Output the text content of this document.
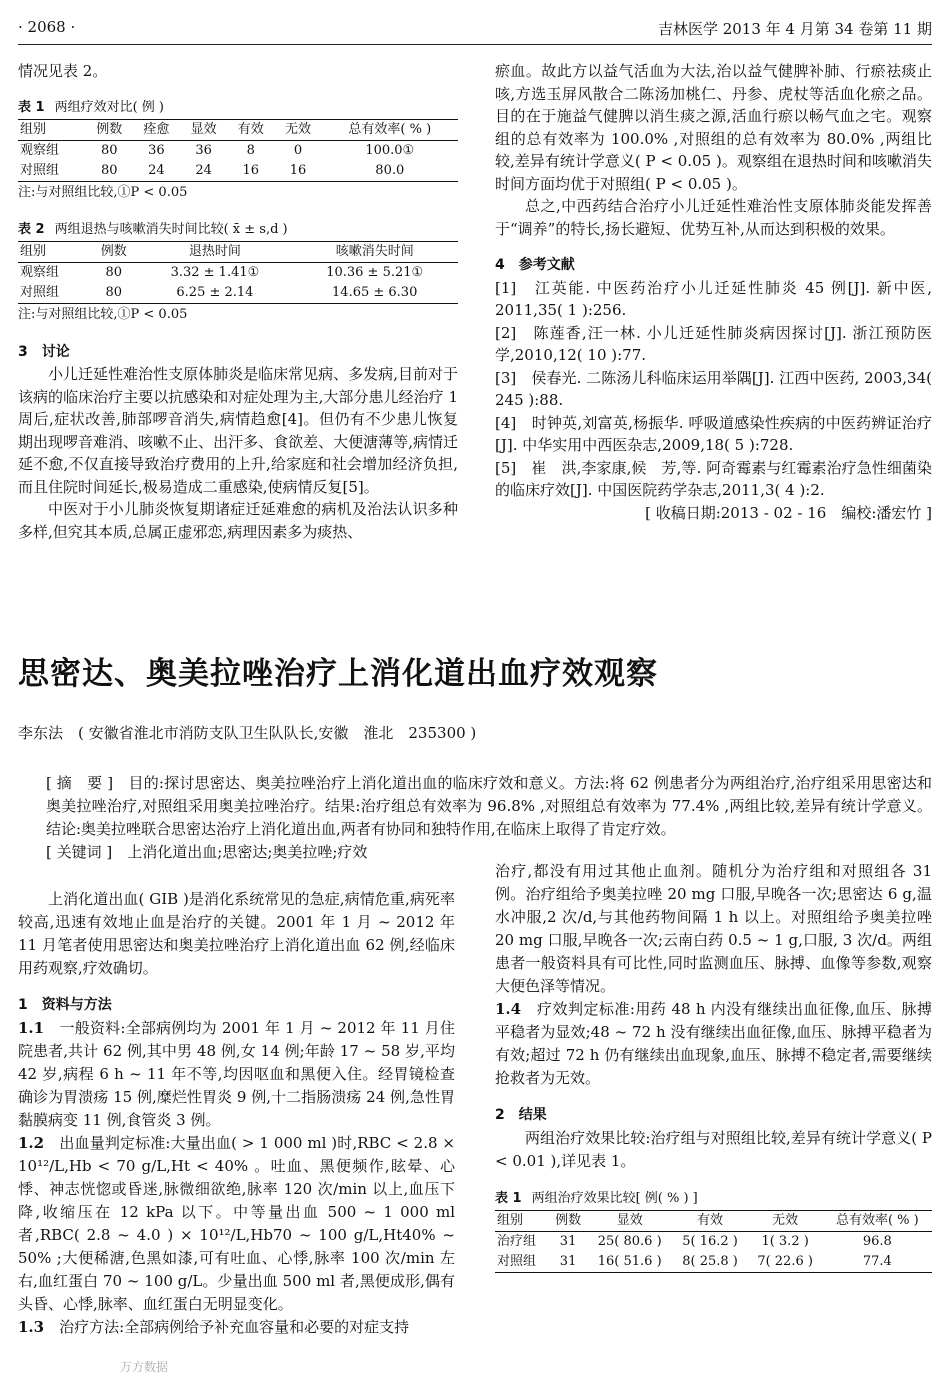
· 2068 ·	吉林医学 2013 年 4 月第 34 卷第 11 期

情况见表 2。

表 1 两组疗效对比( 例 )

组别	例数	痊愈	显效	有效	无效	总有效率( % )
观察组	80	36	36	8	0	100.0①
对照组	80	24	24	16	16	80.0

注:与对照组比较,①P < 0.05

表 2 两组退热与咳嗽消失时间比较( x̄ ± s,d )

组别	例数	退热时间	咳嗽消失时间
观察组	80	3.32 ± 1.41①	10.36 ± 5.21①
对照组	80	6.25 ± 2.14	14.65 ± 6.30

注:与对照组比较,①P < 0.05

3　讨论

小儿迁延性难治性支原体肺炎是临床常见病、多发病,目前对于该病的临床治疗主要以抗感染和对症处理为主,大部分患儿经治疗 1 周后,症状改善,肺部啰音消失,病情趋愈[4]。但仍有不少患儿恢复期出现啰音难消、咳嗽不止、出汗多、食欲差、大便溏薄等,病情迁延不愈,不仅直接导致治疗费用的上升,给家庭和社会增加经济负担,而且住院时间延长,极易造成二重感染,使病情反复[5]。

中医对于小儿肺炎恢复期诸症迁延难愈的病机及治法认识多种多样,但究其本质,总属正虚邪恋,病理因素多为痰热、

瘀血。故此方以益气活血为大法,治以益气健脾补肺、行瘀祛痰止咳,方选玉屏风散合二陈汤加桃仁、丹参、虎杖等活血化瘀之品。目的在于施益气健脾以消生痰之源,活血行瘀以畅气血之宅。观察组的总有效率为 100.0% ,对照组的总有效率为 80.0% ,两组比较,差异有统计学意义( P < 0.05 )。观察组在退热时间和咳嗽消失时间方面均优于对照组( P < 0.05 )。

总之,中西药结合治疗小儿迁延性难治性支原体肺炎能发挥善于“调养”的特长,扬长避短、优势互补,从而达到积极的效果。

4　参考文献

[1]　江英能. 中医药治疗小儿迁延性肺炎 45 例[J]. 新中医, 2011,35( 1 ):256.

[2]　陈莲香,汪一林. 小儿迁延性肺炎病因探讨[J]. 浙江预防医学,2010,12( 10 ):77.

[3]　侯春光. 二陈汤儿科临床运用举隅[J]. 江西中医药, 2003,34( 245 ):88.

[4]　时钟英,刘富英,杨振华. 呼吸道感染性疾病的中医药辨证治疗[J]. 中华实用中西医杂志,2009,18( 5 ):728.

[5]　崔　洪,李家康,候　芳,等. 阿奇霉素与红霉素治疗急性细菌染的临床疗效[J]. 中国医院药学杂志,2011,3( 4 ):2.

[ 收稿日期:2013 - 02 - 16　编校:潘宏竹 ]

思密达、奥美拉唑治疗上消化道出血疗效观察
李东法　( 安徽省淮北市消防支队卫生队队长,安徽　淮北　235300 )

[ 摘　要 ]　 目的:探讨思密达、奥美拉唑治疗上消化道出血的临床疗效和意义。方法:将 62 例患者分为两组治疗,治疗组采用思密达和奥美拉唑治疗,对照组采用奥美拉唑治疗。结果:治疗组总有效率为 96.8% ,对照组总有效率为 77.4% ,两组比较,差异有统计学意义。结论:奥美拉唑联合思密达治疗上消化道出血,两者有协同和独特作用,在临床上取得了肯定疗效。

[ 关键词 ]　 上消化道出血;思密达;奥美拉唑;疗效

上消化道出血( GIB )是消化系统常见的急症,病情危重,病死率较高,迅速有效地止血是治疗的关键。2001 年 1 月 ~ 2012 年 11 月笔者使用思密达和奥美拉唑治疗上消化道出血 62 例,经临床用药观察,疗效确切。

1　资料与方法

1.1　 一般资料:全部病例均为 2001 年 1 月 ~ 2012 年 11 月住院患者,共计 62 例,其中男 48 例,女 14 例;年龄 17 ~ 58 岁,平均 42 岁,病程 6 h ~ 11 年不等,均因呕血和黑便入住。经胃镜检查确诊为胃溃疡 15 例,糜烂性胃炎 9 例,十二指肠溃疡 24 例,急性胃黏膜病变 11 例,食管炎 3 例。

1.2　 出血量判定标准:大量出血( > 1 000 ml )时,RBC < 2.8 × 10¹²/L,Hb < 70 g/L,Ht < 40% 。吐血、黑便频作,眩晕、心悸、神志恍惚或昏迷,脉微细欲绝,脉率 120 次/min 以上,血压下降,收缩压在 12 kPa 以下。中等量出血 500 ~ 1 000 ml 者,RBC( 2.8 ~ 4.0 ) × 10¹²/L,Hb70 ~ 100 g/L,Ht40% ~ 50% ;大便稀溏,色黑如漆,可有吐血、心悸,脉率 100 次/min 左右,血红蛋白 70 ~ 100 g/L。少量出血 500 ml 者,黑便成形,偶有头昏、心悸,脉率、血红蛋白无明显变化。

1.3　 治疗方法:全部病例给予补充血容量和必要的对症支持

治疗,都没有用过其他止血剂。随机分为治疗组和对照组各 31 例。治疗组给予奥美拉唑 20 mg 口服,早晚各一次;思密达 6 g,温水冲服,2 次/d,与其他药物间隔 1 h 以上。对照组给予奥美拉唑 20 mg 口服,早晚各一次;云南白药 0.5 ~ 1 g,口服, 3 次/d。两组患者一般资料具有可比性,同时监测血压、脉搏、血像等参数,观察大便色泽等情况。

1.4　 疗效判定标准:用药 48 h 内没有继续出血征像,血压、脉搏平稳者为显效;48 ~ 72 h 没有继续出血征像,血压、脉搏平稳者为有效;超过 72 h 仍有继续出血现象,血压、脉搏不稳定者,需要继续抢救者为无效。

2　结果

两组治疗效果比较:治疗组与对照组比较,差异有统计学意义( P < 0.01 ),详见表 1。

表 1 两组治疗效果比较[ 例( % ) ]

组别	例数	显效	有效	无效	总有效率( % )
治疗组	31	25( 80.6 )	5( 16.2 )	1( 3.2 )	96.8
对照组	31	16( 51.6 )	8( 25.8 )	7( 22.6 )	77.4
万方数据
